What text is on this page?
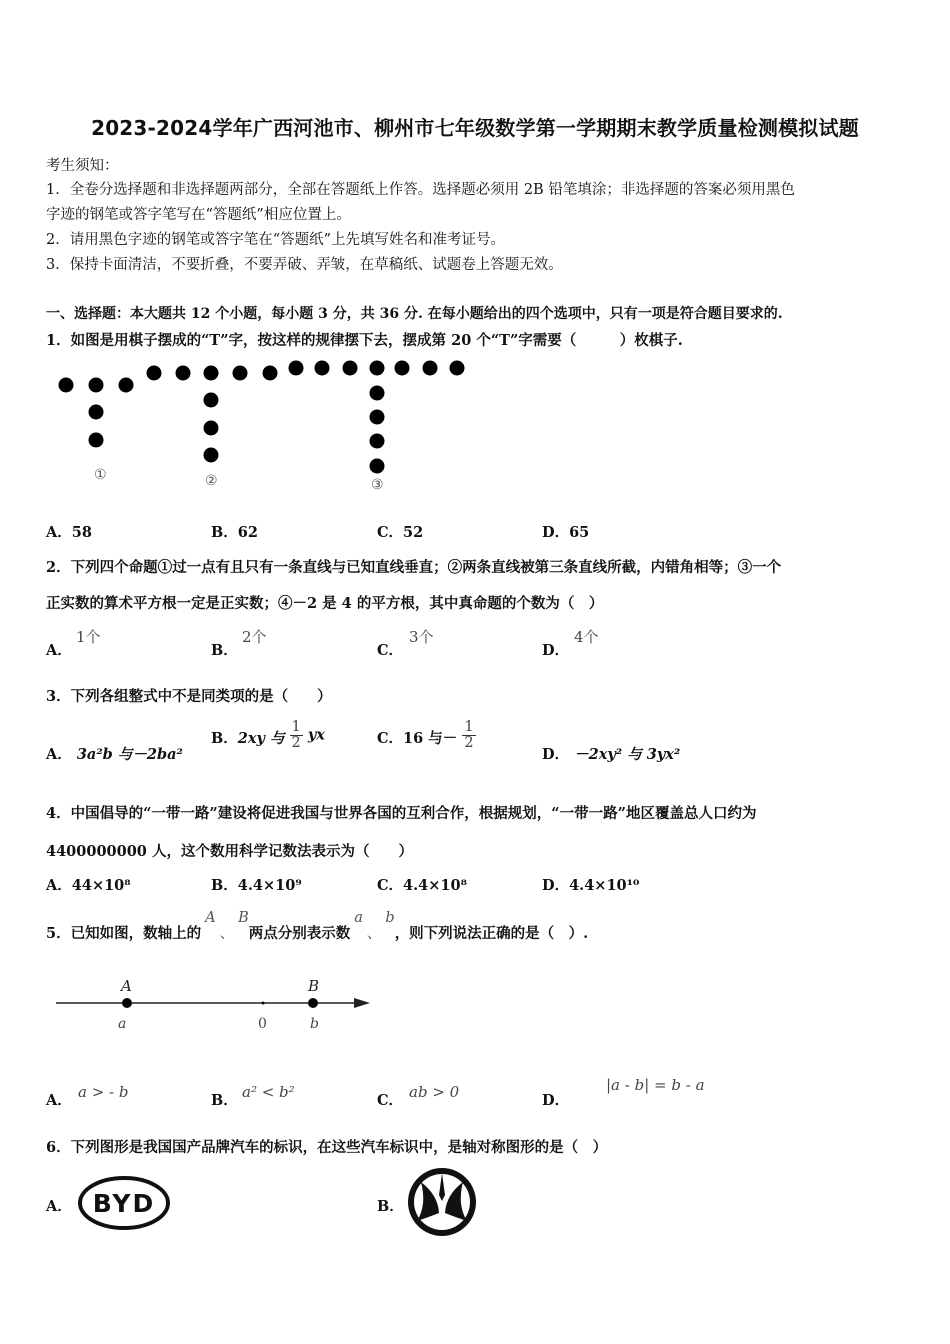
2023-2024学年广西河池市、柳州市七年级数学第一学期期末教学质量检测模拟试题
考生须知：
1．全卷分选择题和非选择题两部分，全部在答题纸上作答。选择题必须用 2B 铅笔填涂；非选择题的答案必须用黑色
字迹的钢笔或答字笔写在“答题纸”相应位置上。
2．请用黑色字迹的钢笔或答字笔在“答题纸”上先填写姓名和准考证号。
3．保持卡面清洁，不要折叠，不要弄破、弄皱，在草稿纸、试题卷上答题无效。
一、选择题：本大题共 12 个小题，每小题 3 分，共 36 分. 在每小题给出的四个选项中，只有一项是符合题目要求的.
1．如图是用棋子摆成的“T”字，按这样的规律摆下去，摆成第 20 个“T”字需要（　　　）枚棋子.
①	②	③
A．58	B．62	C．52	D．65
2．下列四个命题①过一点有且只有一条直线与已知直线垂直；②两条直线被第三条直线所截，内错角相等；③一个
正实数的算术平方根一定是正实数；④－2 是 4 的平方根，其中真命题的个数为（　）
A．
1个
B．
2个
C．
3个
D．
4个
3．下列各组整式中不是同类项的是（　　）
A． 3a²b 与－2ba²
B．2xy 与 $\frac{1}{2}$ yx	C．16 与－ $\frac{1}{2}$
D． －2xy² 与 3yx²
4．中国倡导的“一带一路”建设将促进我国与世界各国的互利合作，根据规划，“一带一路”地区覆盖总人口约为
4400000000 人，这个数用科学记数法表示为（　　）
A．44×10⁸	B．4.4×10⁹	C．4.4×10⁸	D．4.4×10¹⁰
5．已知如图，数轴上的A、B两点分别表示数a、b，则下列说法正确的是（　）.
A	B
a	0	b
A． a > - b	B． a² < b²	C． ab > 0	D．
|a - b| = b - a
6．下列图形是我国国产品牌汽车的标识，在这些汽车标识中，是轴对称图形的是（　）
A． BYD	B．
